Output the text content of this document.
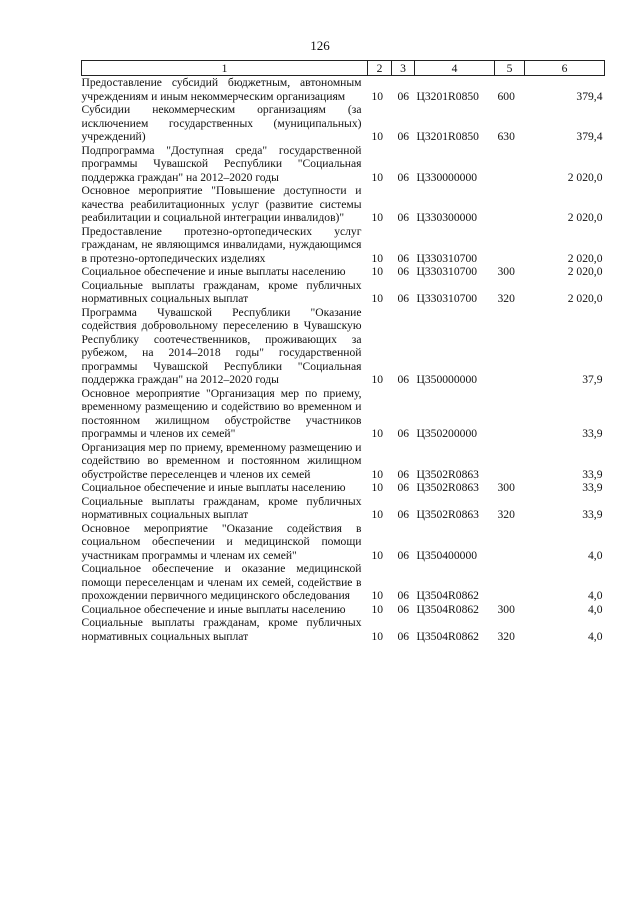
126
1	2	3	4	5	6
Предоставление субсидий бюджетным, автономным учреждениям и иным некоммерческим организациям	10	06	Ц3201R0850	600	379,4
Субсидии некоммерческим организациям (за исключением государственных (муниципальных) учреждений)	10	06	Ц3201R0850	630	379,4
Подпрограмма "Доступная среда" государственной программы Чувашской Республики "Социальная поддержка граждан" на 2012–2020 годы	10	06	Ц330000000		2 020,0
Основное мероприятие "Повышение доступности и качества реабилитационных услуг (развитие системы реабилитации и социальной интеграции инвалидов)"	10	06	Ц330300000		2 020,0
Предоставление протезно-ортопедических услуг гражданам, не являющимся инвалидами, нуждающимся в протезно-ортопедических изделиях	10	06	Ц330310700		2 020,0
Социальное обеспечение и иные выплаты населению	10	06	Ц330310700	300	2 020,0
Социальные выплаты гражданам, кроме публичных нормативных социальных выплат	10	06	Ц330310700	320	2 020,0
Программа Чувашской Республики "Оказание содействия добровольному переселению в Чувашскую Республику соотечественников, проживающих за рубежом, на 2014–2018 годы" государственной программы Чувашской Республики "Социальная поддержка граждан" на 2012–2020 годы	10	06	Ц350000000		37,9
Основное мероприятие "Организация мер по приему, временному размещению и содействию во временном и постоянном жилищном обустройстве участников программы и членов их семей"	10	06	Ц350200000		33,9
Организация мер по приему, временному размещению и содействию во временном и постоянном жилищном обустройстве переселенцев и членов их семей	10	06	Ц3502R0863		33,9
Социальное обеспечение и иные выплаты населению	10	06	Ц3502R0863	300	33,9
Социальные выплаты гражданам, кроме публичных нормативных социальных выплат	10	06	Ц3502R0863	320	33,9
Основное мероприятие "Оказание содействия в социальном обеспечении и медицинской помощи участникам программы и членам их семей"	10	06	Ц350400000		4,0
Социальное обеспечение и оказание медицинской помощи переселенцам и членам их семей, содействие в прохождении первичного медицинского обследования	10	06	Ц3504R0862		4,0
Социальное обеспечение и иные выплаты населению	10	06	Ц3504R0862	300	4,0
Социальные выплаты гражданам, кроме публичных нормативных социальных выплат	10	06	Ц3504R0862	320	4,0
